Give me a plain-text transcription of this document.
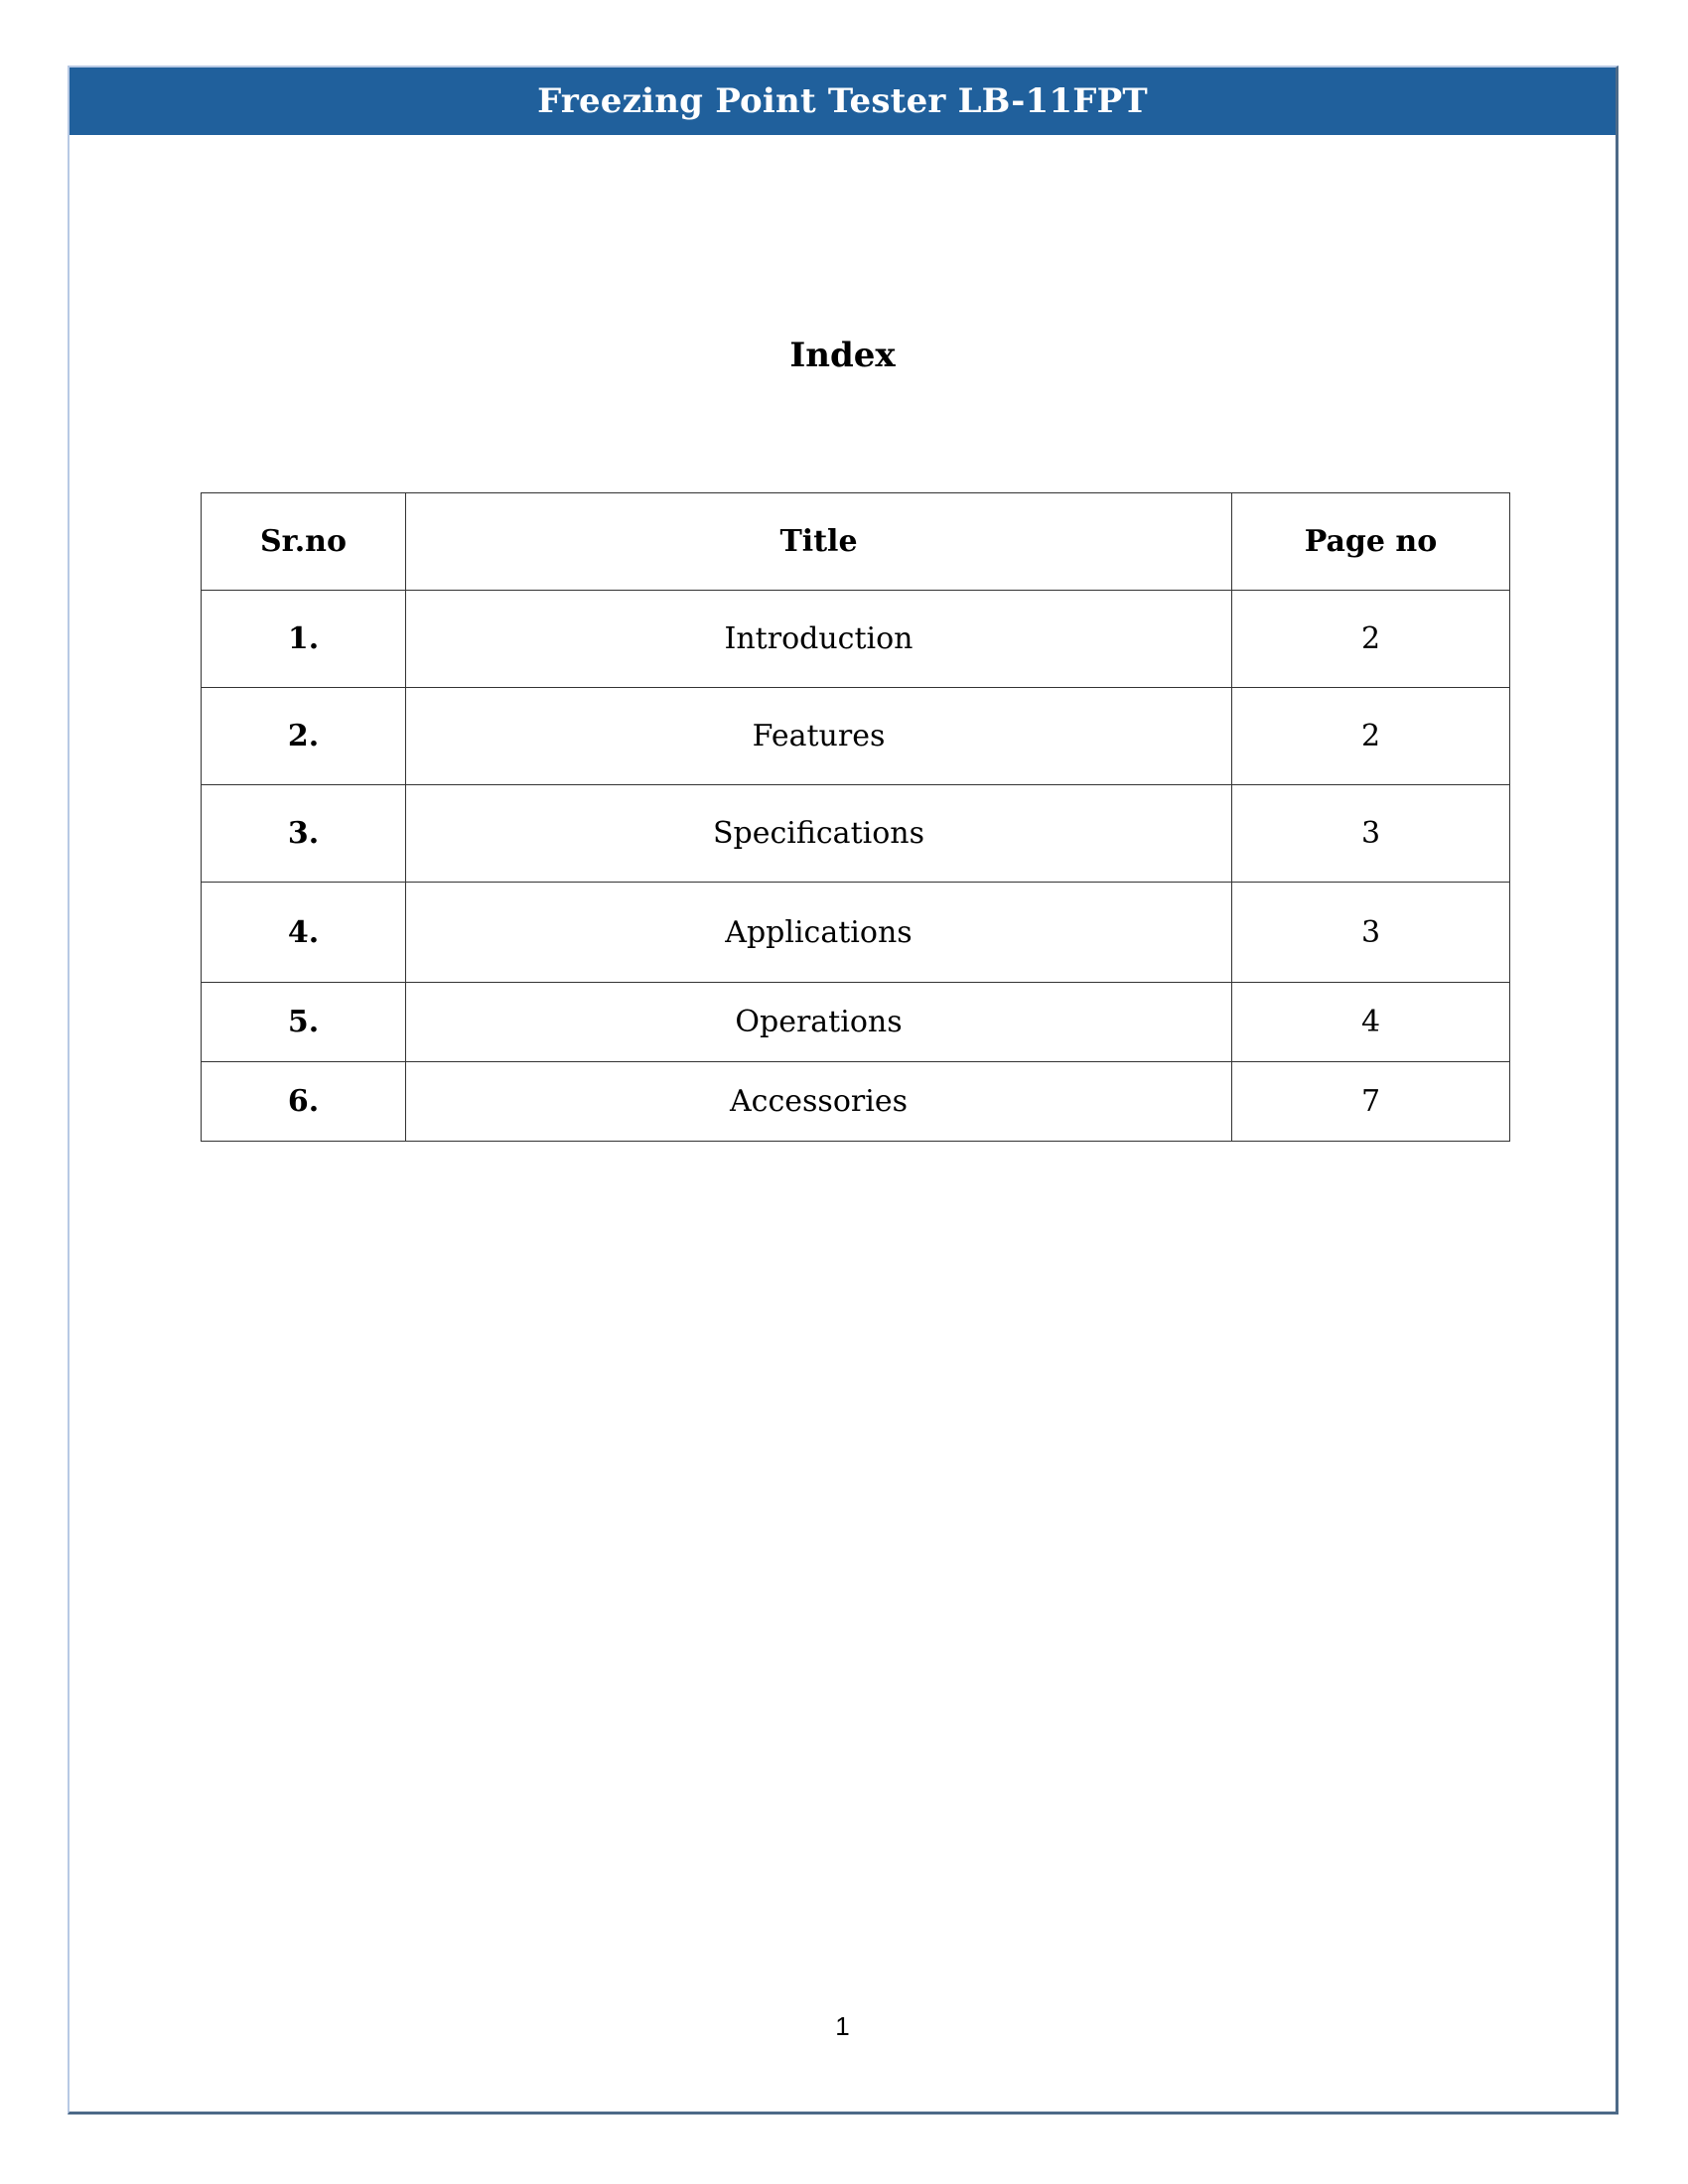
Freezing Point Tester LB-11FPT
Index
Sr.no	Title	Page no
1.	Introduction	2
2.	Features	2
3.	Specifications	3
4.	Applications	3
5.	Operations	4
6.	Accessories	7
1
